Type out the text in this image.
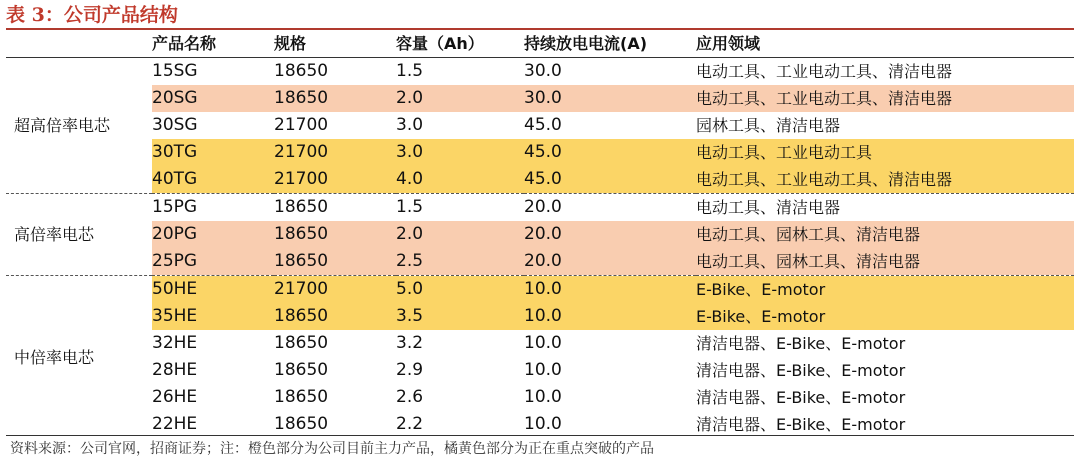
表 3：公司产品结构
	产品名称	规格	容量（Ah）	持续放电电流(A)	应用领域
超高倍率电芯	15SG	18650	1.5	30.0	电动工具、工业电动工具、清洁电器
	20SG	18650	2.0	30.0	电动工具、工业电动工具、清洁电器
	30SG	21700	3.0	45.0	园林工具、清洁电器
	30TG	21700	3.0	45.0	电动工具、工业电动工具
	40TG	21700	4.0	45.0	电动工具、工业电动工具、清洁电器
高倍率电芯	15PG	18650	1.5	20.0	电动工具、清洁电器
	20PG	18650	2.0	20.0	电动工具、园林工具、清洁电器
	25PG	18650	2.5	20.0	电动工具、园林工具、清洁电器
中倍率电芯	50HE	21700	5.0	10.0	E-Bike、E-motor
	35HE	18650	3.5	10.0	E-Bike、E-motor
	32HE	18650	3.2	10.0	清洁电器、E-Bike、E-motor
	28HE	18650	2.9	10.0	清洁电器、E-Bike、E-motor
	26HE	18650	2.6	10.0	清洁电器、E-Bike、E-motor
	22HE	18650	2.2	10.0	清洁电器、E-Bike、E-motor
资料来源：公司官网，招商证券；注：橙色部分为公司目前主力产品，橘黄色部分为正在重点突破的产品
